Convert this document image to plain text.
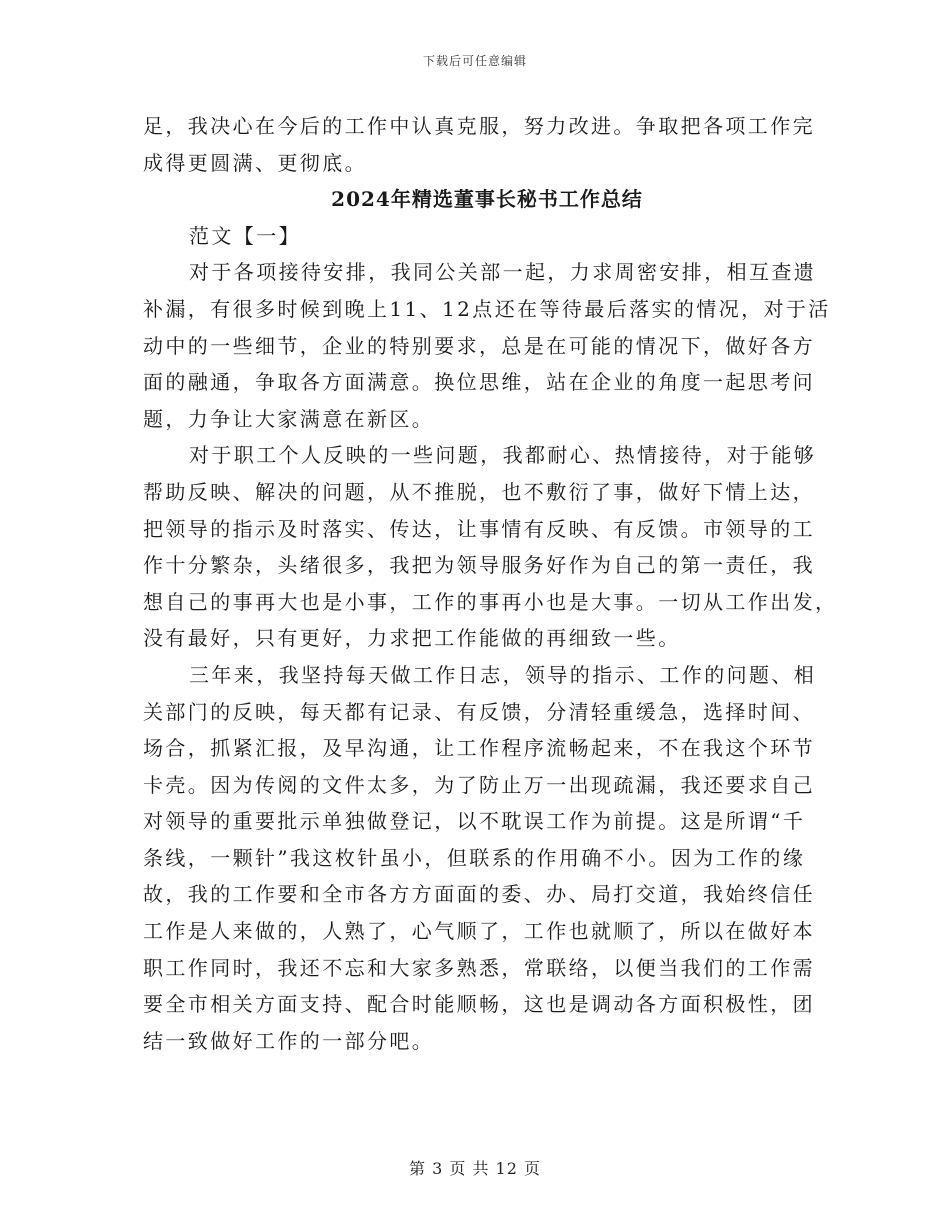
下载后可任意编辑
足，我决心在今后的工作中认真克服，努力改进。争取把各项工作完
成得更圆满、更彻底。
2024年精选董事长秘书工作总结
范文【一】
对于各项接待安排，我同公关部一起，力求周密安排，相互查遗
补漏，有很多时候到晚上11、12点还在等待最后落实的情况，对于活
动中的一些细节，企业的特别要求，总是在可能的情况下，做好各方
面的融通，争取各方面满意。换位思维，站在企业的角度一起思考问
题，力争让大家满意在新区。
对于职工个人反映的一些问题，我都耐心、热情接待，对于能够
帮助反映、解决的问题，从不推脱，也不敷衍了事，做好下情上达，
把领导的指示及时落实、传达，让事情有反映、有反馈。市领导的工
作十分繁杂，头绪很多，我把为领导服务好作为自己的第一责任，我
想自己的事再大也是小事，工作的事再小也是大事。一切从工作出发，
没有最好，只有更好，力求把工作能做的再细致一些。
三年来，我坚持每天做工作日志，领导的指示、工作的问题、相
关部门的反映，每天都有记录、有反馈，分清轻重缓急，选择时间、
场合，抓紧汇报，及早沟通，让工作程序流畅起来，不在我这个环节
卡壳。因为传阅的文件太多，为了防止万一出现疏漏，我还要求自己
对领导的重要批示单独做登记，以不耽误工作为前提。这是所谓“千
条线，一颗针”我这枚针虽小，但联系的作用确不小。因为工作的缘
故，我的工作要和全市各方方面面的委、办、局打交道，我始终信任
工作是人来做的，人熟了，心气顺了，工作也就顺了，所以在做好本
职工作同时，我还不忘和大家多熟悉，常联络，以便当我们的工作需
要全市相关方面支持、配合时能顺畅，这也是调动各方面积极性，团
结一致做好工作的一部分吧。
第 3 页 共 12 页
